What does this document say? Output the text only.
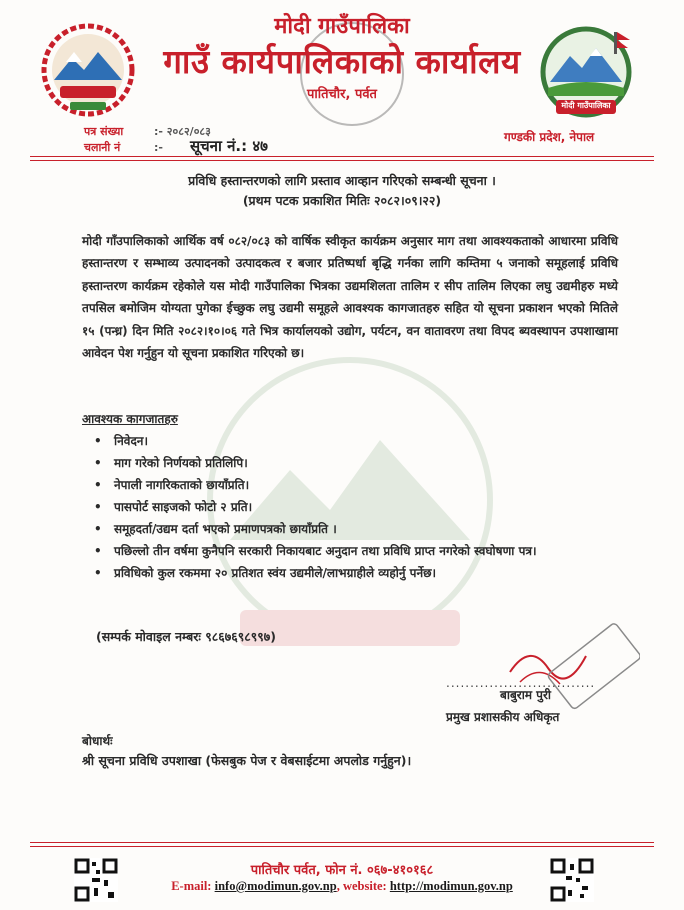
मोदी गाउँपालिका
मोदी गाउँपालिका
गाउँ कार्यपालिकाको कार्यालय
पातिचौर, पर्वत
पत्र संख्या	:- २०८२/०८३
चलानी नं	:- सूचना नं.: ४७	गण्डकी प्रदेश, नेपाल
प्रविधि हस्तान्तरणको लागि प्रस्ताव आव्हान गरिएको सम्बन्धी सूचना ।
(प्रथम पटक प्रकाशित मितिः २०८२।०९।२२)
मोदी गाँउपालिकाको आर्थिक वर्ष ०८२/०८३ को वार्षिक स्वीकृत कार्यक्रम अनुसार माग तथा आवश्यकताको आधारमा प्रविधि हस्तान्तरण र सम्भाव्य उत्पादनको उत्पादकत्व र बजार प्रतिष्पर्धा बृद्धि गर्नका लागि कम्तिमा ५ जनाको समूहलाई प्रविधि हस्तान्तरण कार्यक्रम रहेकोले यस मोदी गाउँपालिका भित्रका उद्यमशिलता तालिम र सीप तालिम लिएका लघु उद्यमीहरु मध्ये तपसिल बमोजिम योग्यता पुगेका ईच्छुक लघु उद्यमी समूहले आवश्यक कागजातहरु सहित यो सूचना प्रकाशन भएको मितिले १५ (पन्ध्र) दिन मिति २०८२।१०।०६ गते भित्र कार्यालयको उद्योग, पर्यटन, वन वातावरण तथा विपद ब्यवस्थापन उपशाखामा आवेदन पेश गर्नुहुन यो सूचना प्रकाशित गरिएको छ।
आवश्यक कागजातहरु
• निवेदन।
• माग गरेको निर्णयको प्रतिलिपि।
• नेपाली नागरिकताको छायाँप्रति।
• पासपोर्ट साइजको फोटो २ प्रति।
• समूहदर्ता/उद्यम दर्ता भएको प्रमाणपत्रको छायाँप्रति ।
• पछिल्लो तीन वर्षमा कुनैपनि सरकारी निकायबाट अनुदान तथा प्रविधि प्राप्त नगरेको स्वघोषणा पत्र।
• प्रविधिको कुल रकममा २० प्रतिशत स्वंय उद्यमीले/लाभग्राहीले व्यहोर्नु पर्नेछ।
(सम्पर्क मोवाइल नम्बरः ९८६७६९८९९७)
...............................
बाबुराम पुरी
प्रमुख प्रशासकीय अधिकृत
बोधार्थः
श्री सूचना प्रविधि उपशाखा (फेसबुक पेज र वेबसाईटमा अपलोड गर्नुहुन)।
पातिचौर पर्वत, फोन नं. ०६७-४१०१६८
E-mail: info@modimun.gov.np, website: http://modimun.gov.np
